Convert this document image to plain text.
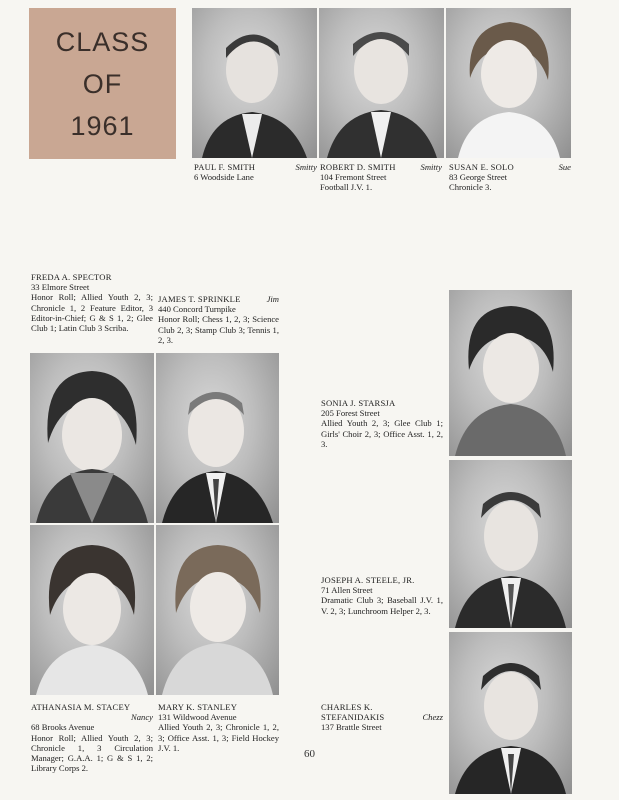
CLASS
OF
1961
PAUL F. SMITH	Smitty
6 Woodside Lane
ROBERT D. SMITH	Smitty
104 Fremont Street
Football J.V. 1.
SUSAN E. SOLO	Sue
83 George Street
Chronicle 3.
FREDA A. SPECTOR
33 Elmore Street
Honor Roll; Allied Youth 2, 3; Chronicle 1, 2 Feature Editor, 3 Editor-in-Chief; G & S 1, 2; Glee Club 1; Latin Club 3 Scriba.
JAMES T. SPRINKLE	Jim
440 Concord Turnpike
Honor Roll; Chess 1, 2, 3; Science Club 2, 3; Stamp Club 3; Tennis 1, 2, 3.
SONIA J. STARSJA
205 Forest Street
Allied Youth 2, 3; Glee Club 1; Girls' Choir 2, 3; Office Asst. 1, 2, 3.
JOSEPH A. STEELE, JR.
71 Allen Street
Dramatic Club 3; Baseball J.V. 1, V. 2, 3; Lunchroom Helper 2, 3.
CHARLES K.
STEFANIDAKIS	Chezz
137 Brattle Street
ATHANASIA M. STACEY
Nancy
68 Brooks Avenue
Honor Roll; Allied Youth 2, 3; Chronicle 1, 3 Circulation Manager; G.A.A. 1; G & S 1, 2; Library Corps 2.
MARY K. STANLEY
131 Wildwood Avenue
Allied Youth 2, 3; Chronicle 1, 2, 3; Office Asst. 1, 3; Field Hockey J.V. 1.
60
